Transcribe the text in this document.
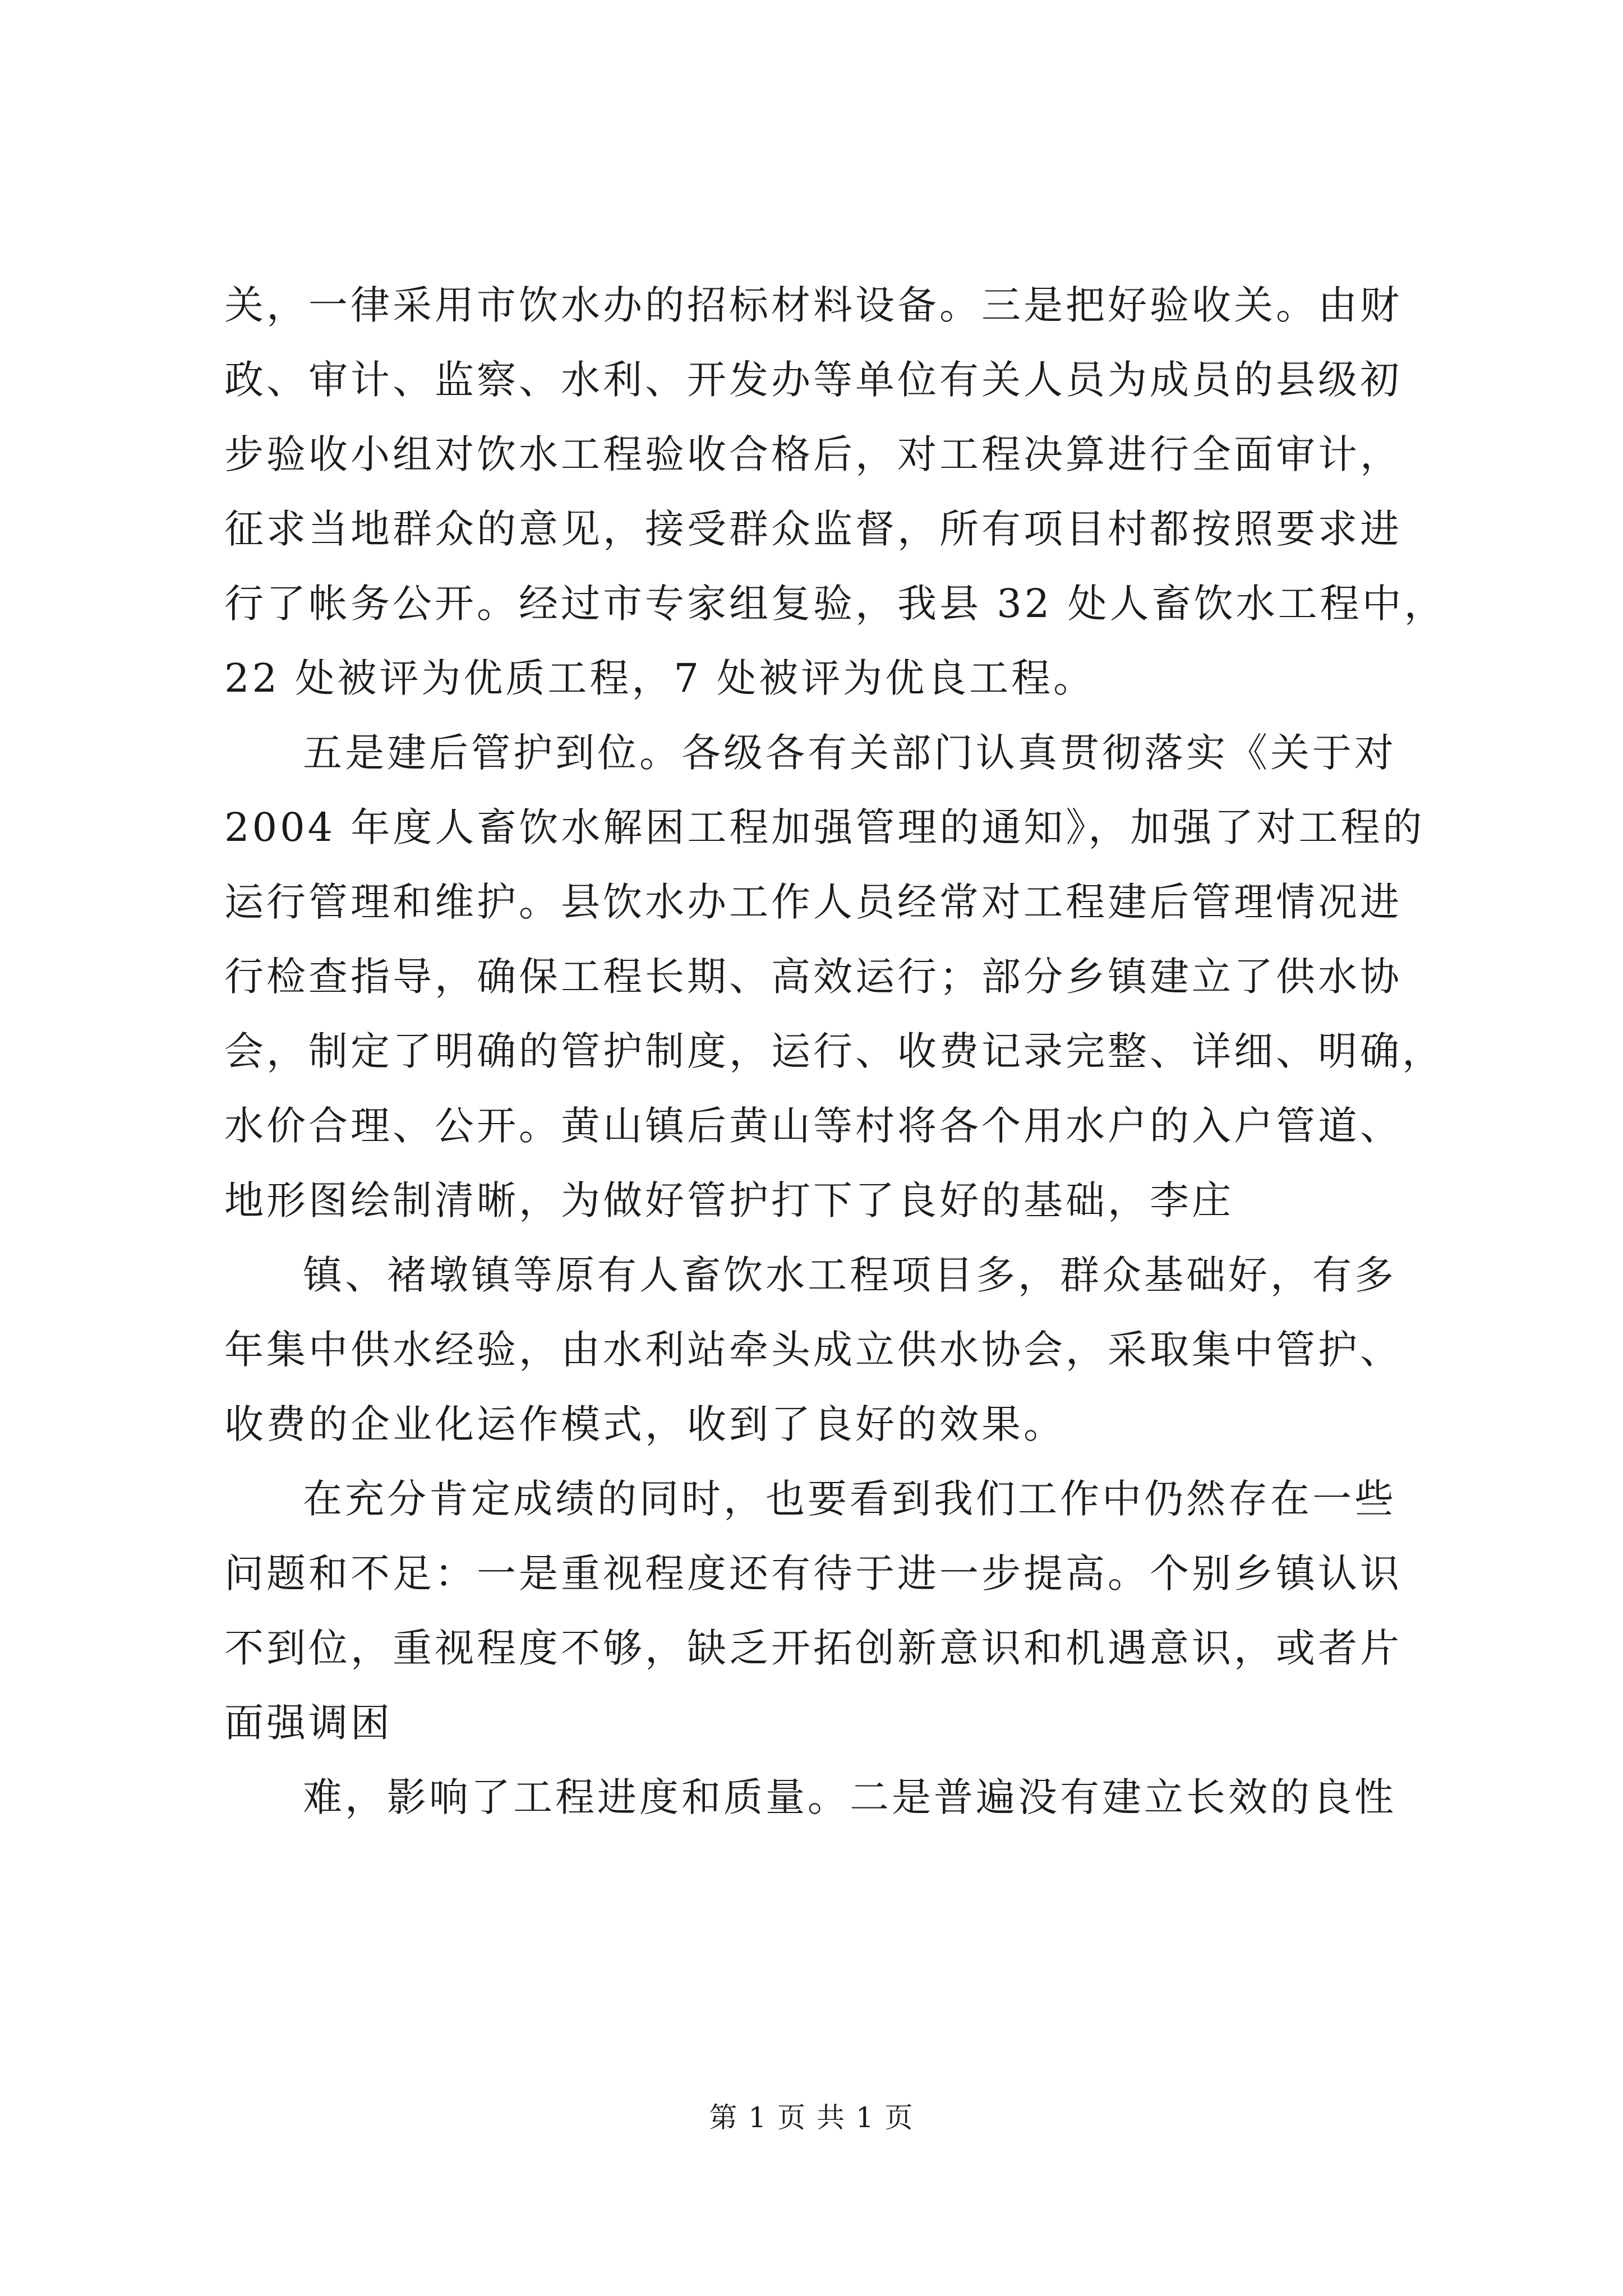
关，一律采用市饮水办的招标材料设备。三是把好验收关。由财
政、审计、监察、水利、开发办等单位有关人员为成员的县级初
步验收小组对饮水工程验收合格后，对工程决算进行全面审计，
征求当地群众的意见，接受群众监督，所有项目村都按照要求进
行了帐务公开。经过市专家组复验，我县 32 处人畜饮水工程中，
22 处被评为优质工程，7 处被评为优良工程。
五是建后管护到位。各级各有关部门认真贯彻落实《关于对
2004 年度人畜饮水解困工程加强管理的通知》，加强了对工程的
运行管理和维护。县饮水办工作人员经常对工程建后管理情况进
行检查指导，确保工程长期、高效运行；部分乡镇建立了供水协
会，制定了明确的管护制度，运行、收费记录完整、详细、明确，
水价合理、公开。黄山镇后黄山等村将各个用水户的入户管道、
地形图绘制清晰，为做好管护打下了良好的基础，李庄
镇、褚墩镇等原有人畜饮水工程项目多，群众基础好，有多
年集中供水经验，由水利站牵头成立供水协会，采取集中管护、
收费的企业化运作模式，收到了良好的效果。
在充分肯定成绩的同时，也要看到我们工作中仍然存在一些
问题和不足：一是重视程度还有待于进一步提高。个别乡镇认识
不到位，重视程度不够，缺乏开拓创新意识和机遇意识，或者片
面强调困
难，影响了工程进度和质量。二是普遍没有建立长效的良性
第 1 页 共 1 页
